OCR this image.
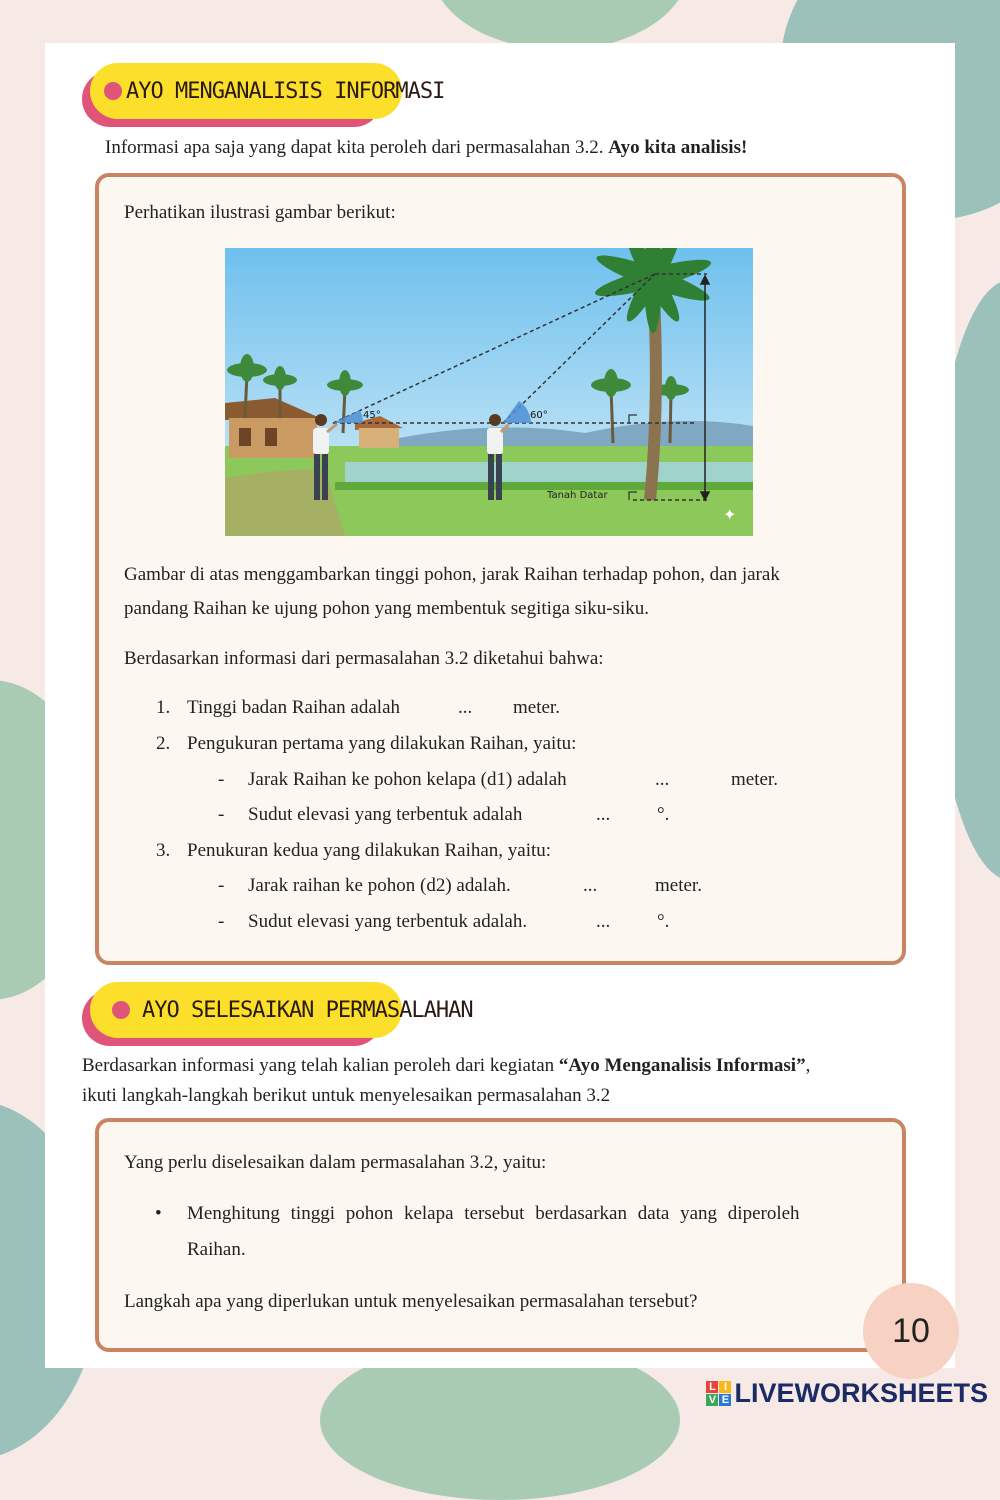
AYO MENGANALISIS INFORMASI
Informasi apa saja yang dapat kita peroleh dari permasalahan 3.2. Ayo kita analisis!
Perhatikan ilustrasi gambar berikut:
45°	60°
Tanah Datar
✦
Gambar di atas menggambarkan tinggi pohon, jarak Raihan terhadap pohon, dan jarak
pandang Raihan ke ujung pohon yang membentuk segitiga siku-siku.
Berdasarkan informasi dari permasalahan 3.2 diketahui bahwa:
1. Tinggi badan Raihan adalah	... meter.
2. Pengukuran pertama yang dilakukan Raihan, yaitu:
- Jarak Raihan ke pohon kelapa (d1) adalah	...	meter.
- Sudut elevasi yang terbentuk adalah	... °.
3. Penukuran kedua yang dilakukan Raihan, yaitu:
- Jarak raihan ke pohon (d2) adalah.	...	meter.
- Sudut elevasi yang terbentuk adalah.	... °.
AYO SELESAIKAN PERMASALAHAN
Berdasarkan informasi yang telah kalian peroleh dari kegiatan “Ayo Menganalisis Informasi”,
ikuti langkah-langkah berikut untuk menyelesaikan permasalahan 3.2
Yang perlu diselesaikan dalam permasalahan 3.2, yaitu:
• Menghitung tinggi pohon kelapa tersebut berdasarkan data yang diperoleh
Raihan.
Langkah apa yang diperlukan untuk menyelesaikan permasalahan tersebut?
10
L I
V E LIVEWORKSHEETS
